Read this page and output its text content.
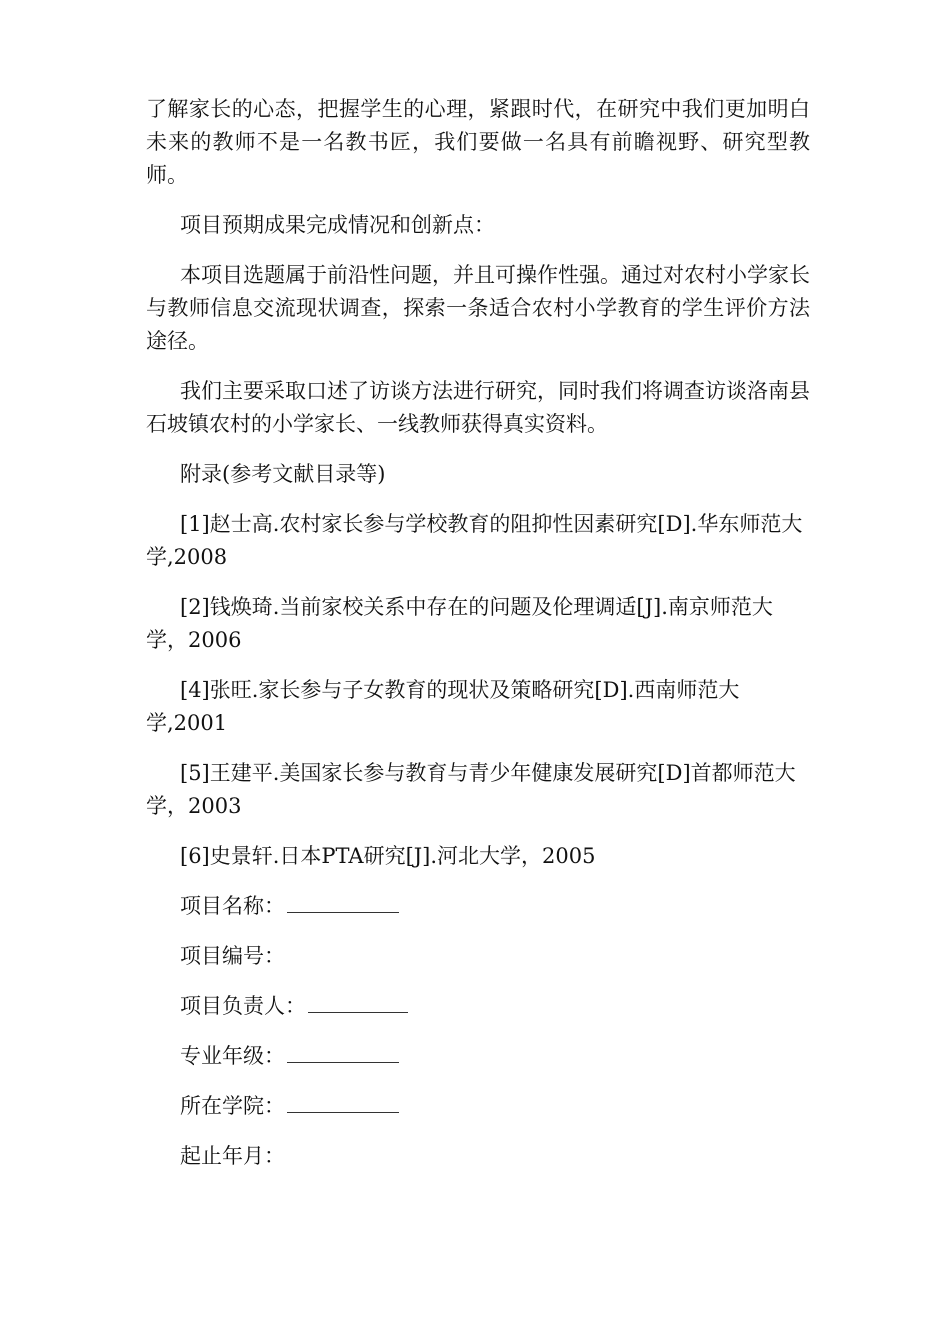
了解家长的心态，把握学生的心理，紧跟时代，在研究中我们更加明白未来的教师不是一名教书匠，我们要做一名具有前瞻视野、研究型教师。

项目预期成果完成情况和创新点：

本项目选题属于前沿性问题，并且可操作性强。通过对农村小学家长与教师信息交流现状调查，探索一条适合农村小学教育的学生评价方法途径。

我们主要采取口述了访谈方法进行研究，同时我们将调查访谈洛南县石坡镇农村的小学家长、一线教师获得真实资料。

附录(参考文献目录等)

[1]赵士高.农村家长参与学校教育的阻抑性因素研究[D].华东师范大学,2008

[2]钱焕琦.当前家校关系中存在的问题及伦理调适[J].南京师范大学，2006

[4]张旺.家长参与子女教育的现状及策略研究[D].西南师范大学,2001

[5]王建平.美国家长参与教育与青少年健康发展研究[D]首都师范大学，2003

[6]史景轩.日本PTA研究[J].河北大学，2005

项目名称：

项目编号：

项目负责人：

专业年级：

所在学院：

起止年月：
